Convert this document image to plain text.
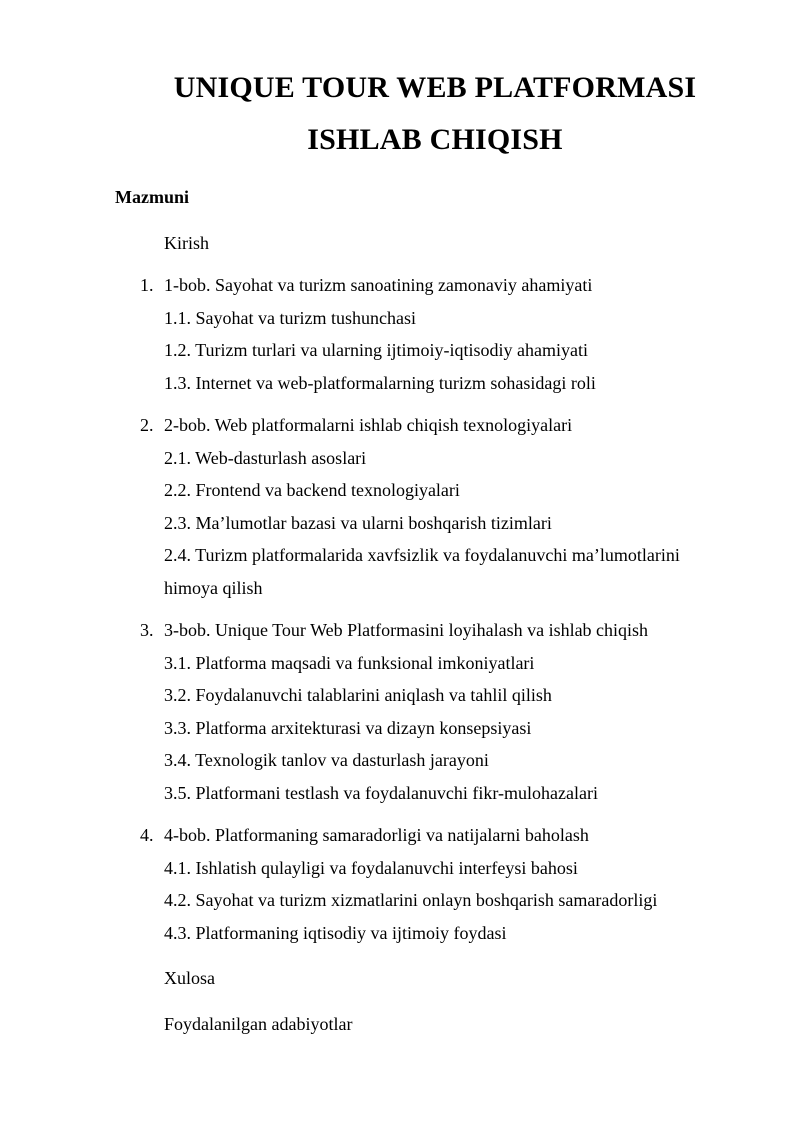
UNIQUE TOUR WEB PLATFORMASI
ISHLAB CHIQISH
Mazmuni

Kirish

1. 1-bob. Sayohat va turizm sanoatining zamonaviy ahamiyati

1.1. Sayohat va turizm tushunchasi

1.2. Turizm turlari va ularning ijtimoiy-iqtisodiy ahamiyati

1.3. Internet va web-platformalarning turizm sohasidagi roli

2. 2-bob. Web platformalarni ishlab chiqish texnologiyalari

2.1. Web-dasturlash asoslari

2.2. Frontend va backend texnologiyalari

2.3. Ma’lumotlar bazasi va ularni boshqarish tizimlari

2.4. Turizm platformalarida xavfsizlik va foydalanuvchi ma’lumotlarini himoya qilish

3. 3-bob. Unique Tour Web Platformasini loyihalash va ishlab chiqish

3.1. Platforma maqsadi va funksional imkoniyatlari

3.2. Foydalanuvchi talablarini aniqlash va tahlil qilish

3.3. Platforma arxitekturasi va dizayn konsepsiyasi

3.4. Texnologik tanlov va dasturlash jarayoni

3.5. Platformani testlash va foydalanuvchi fikr-mulohazalari

4. 4-bob. Platformaning samaradorligi va natijalarni baholash

4.1. Ishlatish qulayligi va foydalanuvchi interfeysi bahosi

4.2. Sayohat va turizm xizmatlarini onlayn boshqarish samaradorligi

4.3. Platformaning iqtisodiy va ijtimoiy foydasi

Xulosa

Foydalanilgan adabiyotlar
